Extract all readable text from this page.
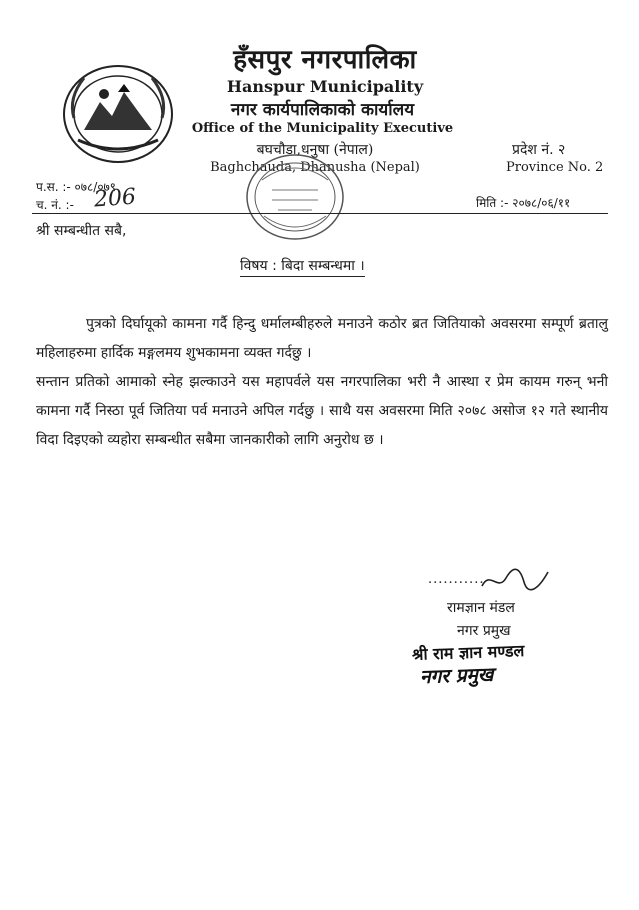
हँसपुर नगरपालिका
Hanspur Municipality
नगर कार्यपालिकाको कार्यालय
Office of the Municipality Executive
बघचौडा,धनुषा (नेपाल)
Baghchauda, Dhanusha (Nepal)
प्रदेश नं. २
Province No. 2
प.स. :- ०७८/०७९
च. नं. :- 206	मिति :- २०७८/०६/११
श्री सम्बन्धीत सबै,
विषय : बिदा सम्बन्धमा ।

पुत्रको दिर्घायूको कामना गर्दै हिन्दु धर्मालम्बीहरुले मनाउने कठोर ब्रत जितियाको अवसरमा सम्पूर्ण ब्रतालु महिलाहरुमा हार्दिक मङ्गलमय शुभकामना व्यक्त गर्दछु ।

सन्तान प्रतिको आमाको स्नेह झल्काउने यस महापर्वले यस नगरपालिका भरी नै आस्था र प्रेम कायम गरुन् भनी कामना गर्दै निस्ठा पूर्व जितिया पर्व मनाउने अपिल गर्दछु । साथै यस अवसरमा मिति २०७८ असोज १२ गते स्थानीय विदा दिइएको व्यहोरा सम्बन्धीत सबैमा जानकारीको लागि अनुरोध छ ।

...........
रामज्ञान मंडल
नगर प्रमुख
श्री राम ज्ञान मण्डल
नगर प्रमुख
